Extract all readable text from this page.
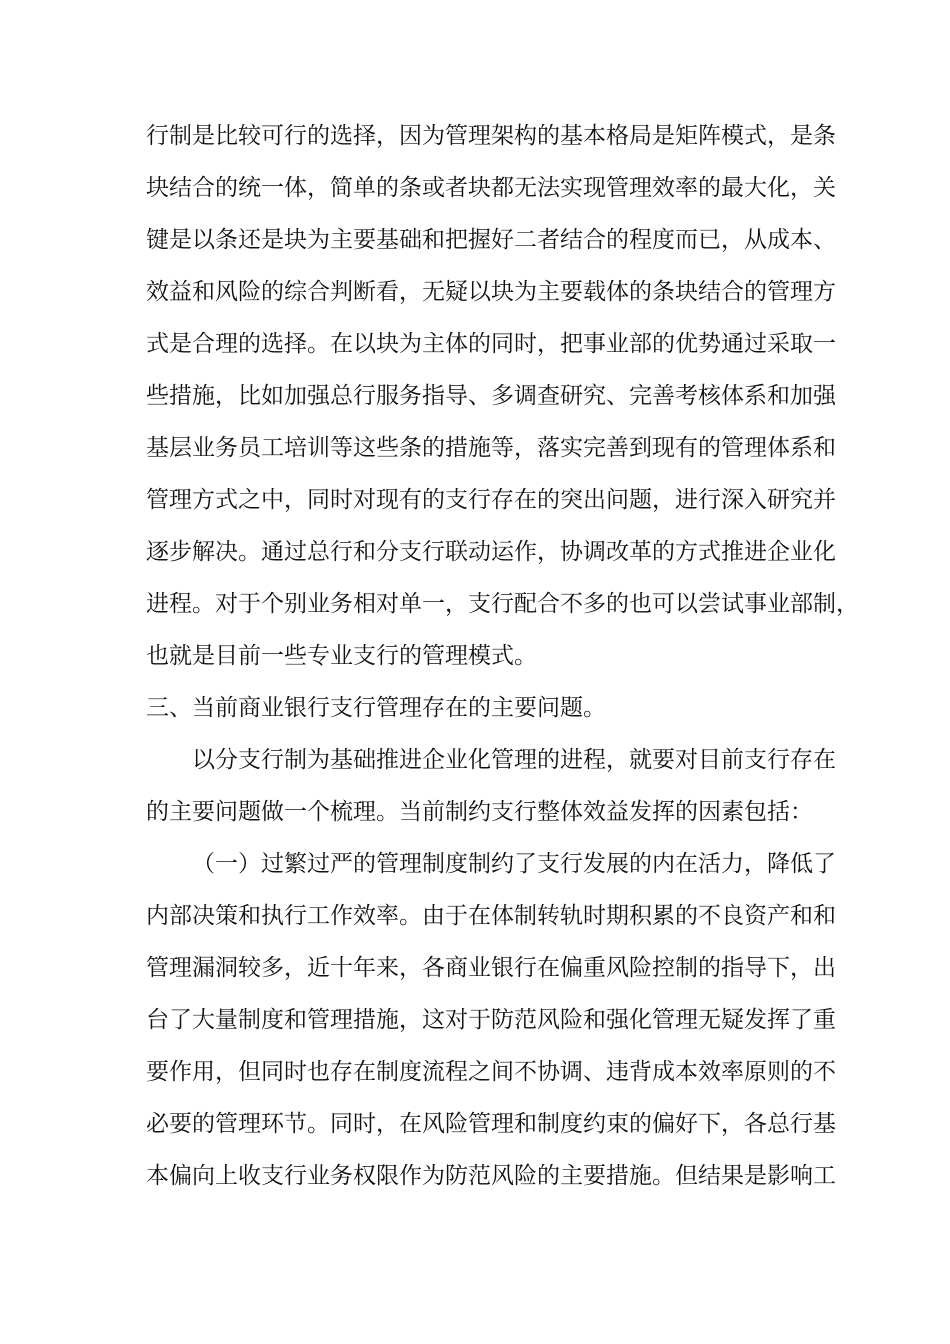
行制是比较可行的选择，因为管理架构的基本格局是矩阵模式，是条
块结合的统一体，简单的条或者块都无法实现管理效率的最大化，关
键是以条还是块为主要基础和把握好二者结合的程度而已，从成本、
效益和风险的综合判断看，无疑以块为主要载体的条块结合的管理方
式是合理的选择。在以块为主体的同时，把事业部的优势通过采取一
些措施，比如加强总行服务指导、多调查研究、完善考核体系和加强
基层业务员工培训等这些条的措施等，落实完善到现有的管理体系和
管理方式之中，同时对现有的支行存在的突出问题，进行深入研究并
逐步解决。通过总行和分支行联动运作，协调改革的方式推进企业化
进程。对于个别业务相对单一，支行配合不多的也可以尝试事业部制，
也就是目前一些专业支行的管理模式。
三、当前商业银行支行管理存在的主要问题。
以分支行制为基础推进企业化管理的进程，就要对目前支行存在
的主要问题做一个梳理。当前制约支行整体效益发挥的因素包括：
（一）过繁过严的管理制度制约了支行发展的内在活力，降低了
内部决策和执行工作效率。由于在体制转轨时期积累的不良资产和和
管理漏洞较多，近十年来，各商业银行在偏重风险控制的指导下，出
台了大量制度和管理措施，这对于防范风险和强化管理无疑发挥了重
要作用，但同时也存在制度流程之间不协调、违背成本效率原则的不
必要的管理环节。同时，在风险管理和制度约束的偏好下，各总行基
本偏向上收支行业务权限作为防范风险的主要措施。但结果是影响工
